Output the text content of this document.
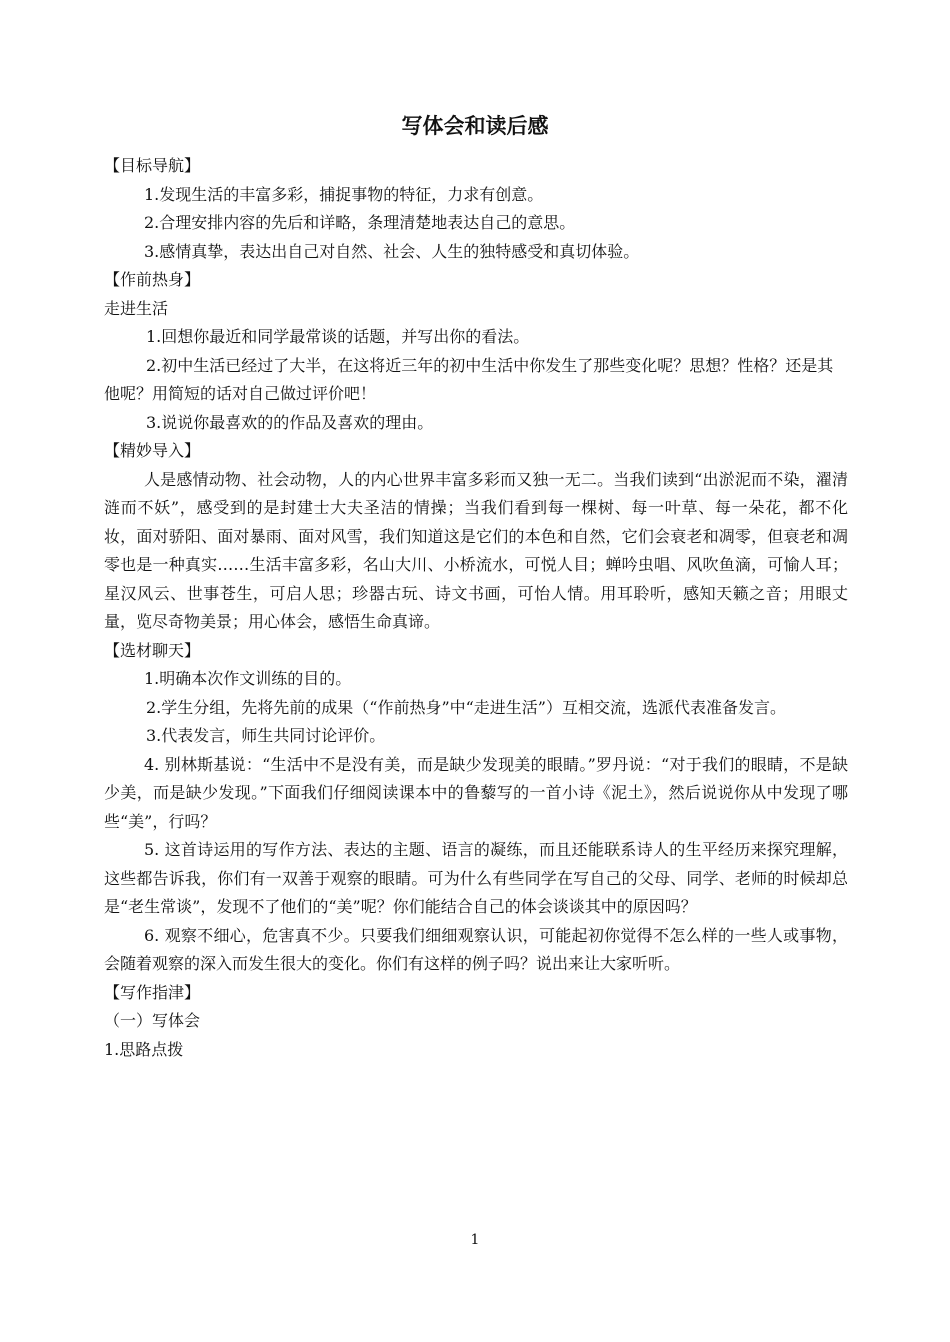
写体会和读后感

【目标导航】

1.发现生活的丰富多彩，捕捉事物的特征，力求有创意。

2.合理安排内容的先后和详略，条理清楚地表达自己的意思。

3.感情真挚，表达出自己对自然、社会、人生的独特感受和真切体验。

【作前热身】

走进生活

1.回想你最近和同学最常谈的话题，并写出你的看法。

2.初中生活已经过了大半，在这将近三年的初中生活中你发生了那些变化呢？思想？性格？还是其他呢？用简短的话对自己做过评价吧！

3.说说你最喜欢的的作品及喜欢的理由。

【精妙导入】

人是感情动物、社会动物，人的内心世界丰富多彩而又独一无二。当我们读到“出淤泥而不染，濯清涟而不妖”，感受到的是封建士大夫圣洁的情操；当我们看到每一棵树、每一叶草、每一朵花，都不化妆，面对骄阳、面对暴雨、面对风雪，我们知道这是它们的本色和自然，它们会衰老和凋零，但衰老和凋零也是一种真实……生活丰富多彩，名山大川、小桥流水，可悦人目；蝉吟虫唱、风吹鱼滴，可愉人耳；星汉风云、世事苍生，可启人思；珍器古玩、诗文书画，可怡人情。用耳聆听，感知天籁之音；用眼丈量，览尽奇物美景；用心体会，感悟生命真谛。

【选材聊天】

1.明确本次作文训练的目的。

2.学生分组，先将先前的成果（“作前热身”中“走进生活”）互相交流，选派代表准备发言。

3.代表发言，师生共同讨论评价。

4. 别林斯基说：“生活中不是没有美，而是缺少发现美的眼睛。”罗丹说：“对于我们的眼睛，不是缺少美，而是缺少发现。”下面我们仔细阅读课本中的鲁藜写的一首小诗《泥土》，然后说说你从中发现了哪些“美”，行吗？

5. 这首诗运用的写作方法、表达的主题、语言的凝练，而且还能联系诗人的生平经历来探究理解，这些都告诉我，你们有一双善于观察的眼睛。可为什么有些同学在写自己的父母、同学、老师的时候却总是“老生常谈”，发现不了他们的“美”呢？你们能结合自己的体会谈谈其中的原因吗？

6. 观察不细心，危害真不少。只要我们细细观察认识，可能起初你觉得不怎么样的一些人或事物，会随着观察的深入而发生很大的变化。你们有这样的例子吗？说出来让大家听听。

【写作指津】

（一）写体会

1.思路点拨

1
